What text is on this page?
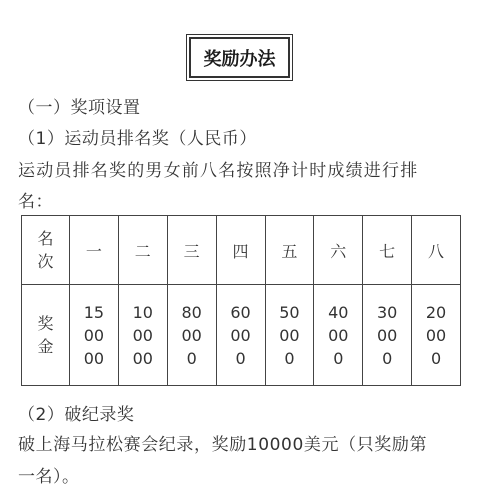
奖励办法
（一）奖项设置
（1）运动员排名奖（人民币）
运动员排名奖的男女前八名按照净计时成绩进行排
名：
名次	一	二	三	四	五	六	七	八
奖金	150000	100000	80000	60000	50000	40000	30000	20000
（2）破纪录奖
破上海马拉松赛会纪录，奖励10000美元（只奖励第
一名）。
